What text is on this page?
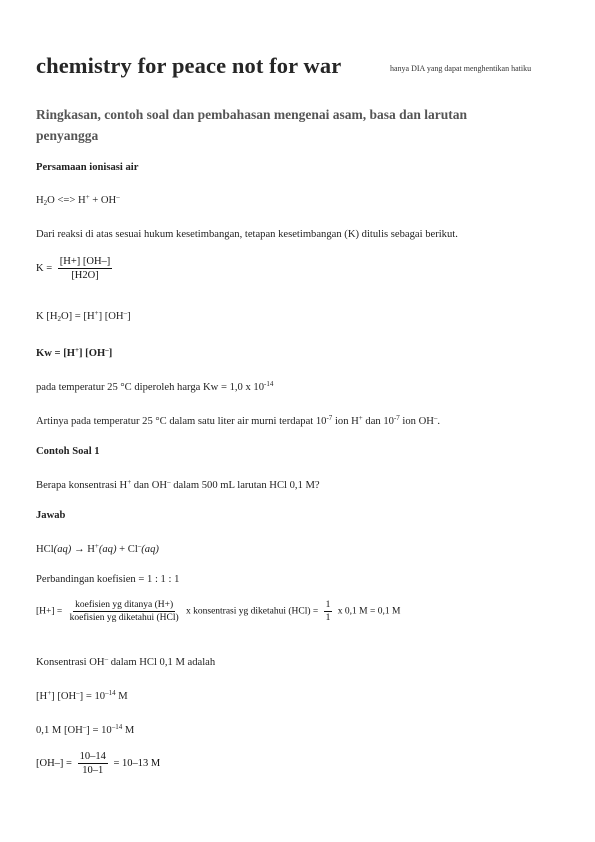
chemistry for peace not for war	hanya DIA yang dapat menghentikan hatiku
Ringkasan, contoh soal dan pembahasan mengenai asam, basa dan larutan penyangga
Persamaan ionisasi air
$H_2O$ <=> H+ + OH–
Dari reaksi di atas sesuai hukum kesetimbangan, tetapan kesetimbangan (K) ditulis sebagai berikut.
$K = \frac{[H+] [OH-]}{[H2O]}$
K $[H_2O] = [H^+]$ [OH–]
Kw = [H+] [OH–]
pada temperatur 25 °C diperoleh harga Kw = 1,0 x $10^{-14}$
Artinya pada temperatur 25 °C dalam satu liter air murni terdapat $10^{-7}$ ion H+ dan $10^{-7}$ ion OH–.
Contoh Soal 1
Berapa konsentrasi H+ dan OH– dalam 500 mL larutan HCl 0,1 M?
Jawab
HCl(aq) → H+(aq) + Cl–(aq)
Perbandingan koefisien = 1 : 1 : 1
$[H+] = \frac{\text{koefisien yg ditanya (H+)}}{\text{koefisien yg diketahui (HCl)}}$ x konsentrasi yg diketahui $(HCl) = \frac{1}{1}$ x 0,1 M = 0,1 M
Konsentrasi OH– dalam HCl 0,1 M adalah
[H+] $[OH^-] = 10^{-14}$ M
0,1 M $[OH^-] = 10^{-14}$ M
$[OH-] = \frac{10-14}{10-1} = 10-13$ M
